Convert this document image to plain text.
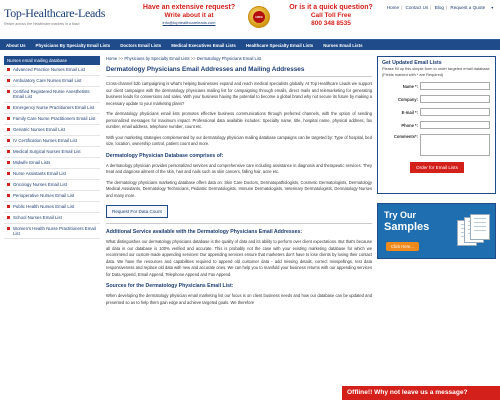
Top-Healthcare-Leads
Reach across the Healthcare markets in a flash
Have an extensive request?
Write about it at
info@tophealthcareleads.com
100%
Or is it a quick question?
Call Toll Free
800 348 8535
Home | Contact Us | Blog | Request a Quote ▼
About Us	Physicians By Specialty Email Lists	Doctors Email Lists	Medical Executives Email Lists	Healthcare Specialty Email Lists	Nurses Email Lists
Nurses email mailing database
Advanced Practice Nurses Email List
Ambulatory Care Nurses Email List
Certified Registered Nurse Anesthetists Email List
Emergency Nurse Practitioners Email List
Family Care Nurse Practitioners Email List
Geriatric Nurses Email List
IV Certification Nurses Email List
Medical Surgical Nurses Email List
Midwife Email Lists
Nurse Assistants Email List
Oncology Nurses Email List
Perioperative Nurses Email List
Public Health Nurses Email List
School Nurses Email List
Women's Health Nurse Practitioners Email List
Home >> Physicians by Specialty Email Lists >> Dermatology Physicians Email List
Dermatology Physicians Email Addresses and Mailing Addresses
Cross-channel b2b campaigning is what's helping businesses expand and reach medical specialists globally. At Top Healthcare Leads we support our client campaigns with the dermatology physicians mailing list for campaigning through emails, direct mails and telemarketing for generating business leads for conversions and sales. With your business having the potential to become a global brand why not secure its future by making a necessary update to your marketing plans?
The dermatology physicians email lists promotes effective business communications through preferred channels, with the option of sending personalized messages for maximum impact. Professional data available includes: Specialty name, title, hospital name, physical address, fax number, email address, telephone number, count etc.
With your marketing strategies complemented by our dermatology physician mailing database campaigns can be targeted by: Type of hospital, bed size, location, ownership control, patient count and more.
Dermatology Physician Database comprises of:
A dermatology physician provides personalized services and comprehensive care including assistance in diagnosis and therapeutic services. They treat and diagnose ailment of the skin, hair and nails such as skin cancers, falling hair, acne etc.
The dermatology physicians marketing database offers data on: Skin Care Doctors, Dermatopathologists, Cosmetic Dermatologists, Dermatology Medical Assistants, Dermatology Technicians, Pediatric Dermatologists, Immune Dermatologists, Veterinary Dermatologists, Dermatology Nurses and many more.
Request For Data Count
Additional Service available with the Dermatology Physicians Email Addresses:
What distinguishes our dermatology physicians database is the quality of data and its ability to perform over client expectations. But that's because all data in our database is 100% verified and accurate. This is probably not the case with your existing marketing database for which we recommend our custom-made appending services! Our appending services ensure that marketers don't have to lose clients by losing their contact data. We have the resources and capabilities required to append old customer data - add missing details, correct misspellings, test data responsiveness and replace old data with new and accurate ones. We can help you to manifold your business returns with our appending services for Data Append, Email Append, Telephone Append and Fax Append.
Sources for the Dermatology Physicians Email List:
When developing the dermatology physician email marketing list our focus is on client business needs and how our database can be updated and presented so as to help them gain edge and achieve targeted goals. We therefore
Get Updated Email Lists
Please fill up this simple form to order targeted email database
(Fields marked with * are Required)
Name *:
Company:
E-mail *:
Phone *:
Comments*:
Order for Email Lists
Try Our
Samples
Click Here...
Offline!! Why not leave us a message?
